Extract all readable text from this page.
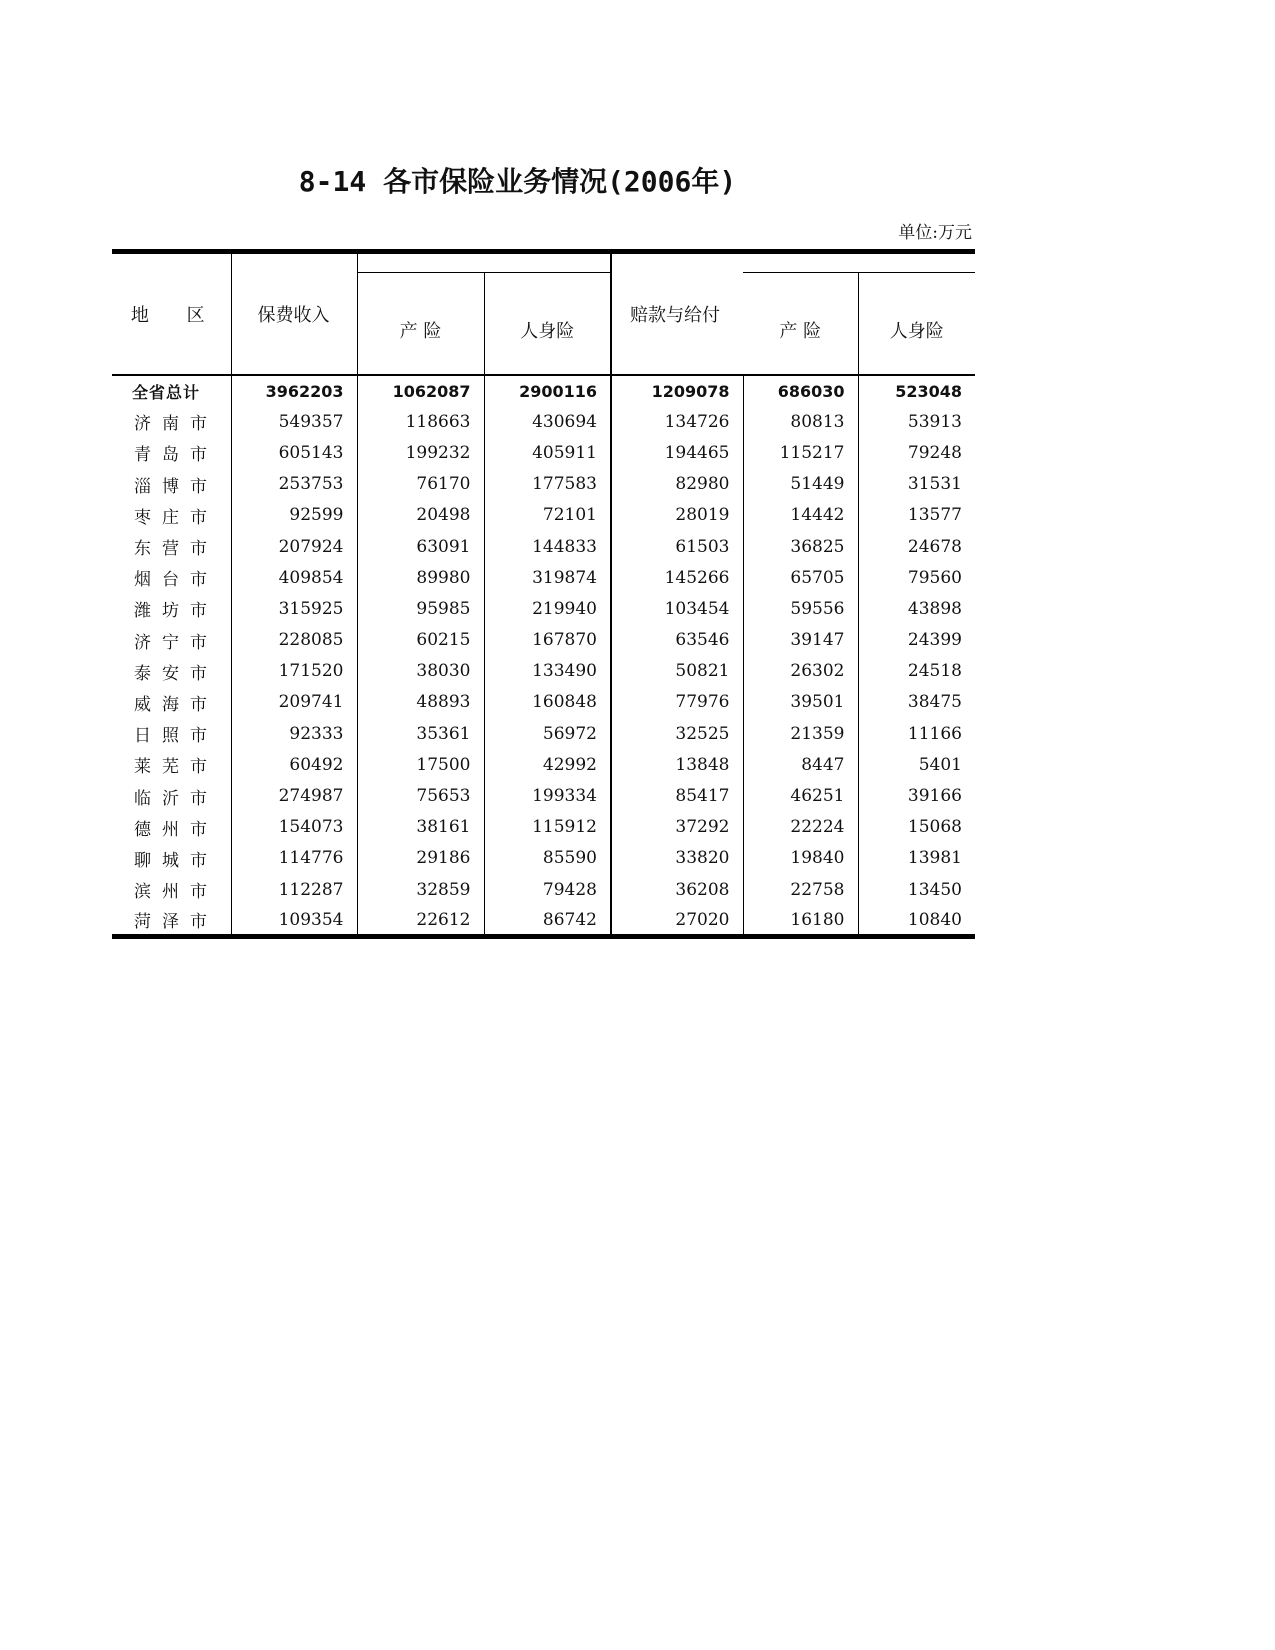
8-14 各市保险业务情况(2006年)
单位:万元
地 区	保费收入			赔款与给付		
		产 险	人身险		产 险	人身险
全省总计	3962203	1062087	2900116	1209078	686030	523048
济南市	549357	118663	430694	134726	80813	53913
青岛市	605143	199232	405911	194465	115217	79248
淄博市	253753	76170	177583	82980	51449	31531
枣庄市	92599	20498	72101	28019	14442	13577
东营市	207924	63091	144833	61503	36825	24678
烟台市	409854	89980	319874	145266	65705	79560
潍坊市	315925	95985	219940	103454	59556	43898
济宁市	228085	60215	167870	63546	39147	24399
泰安市	171520	38030	133490	50821	26302	24518
威海市	209741	48893	160848	77976	39501	38475
日照市	92333	35361	56972	32525	21359	11166
莱芜市	60492	17500	42992	13848	8447	5401
临沂市	274987	75653	199334	85417	46251	39166
德州市	154073	38161	115912	37292	22224	15068
聊城市	114776	29186	85590	33820	19840	13981
滨州市	112287	32859	79428	36208	22758	13450
菏泽市	109354	22612	86742	27020	16180	10840
